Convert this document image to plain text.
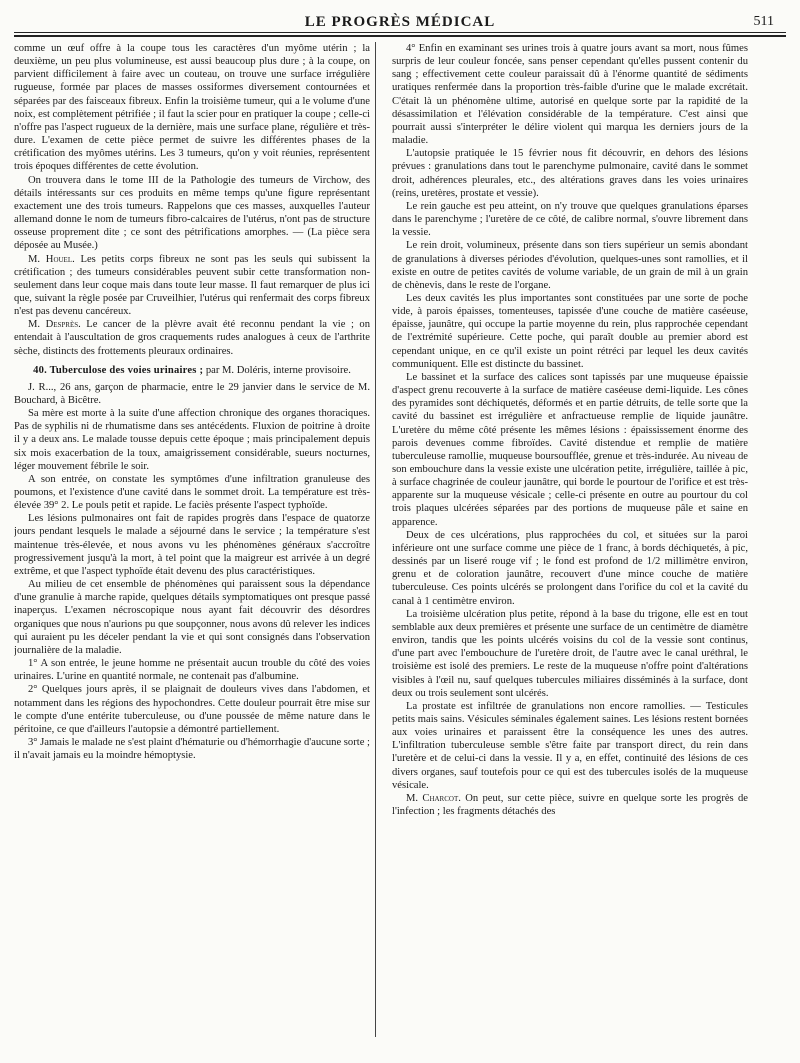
LE PROGRÈS MÉDICAL	511

comme un œuf offre à la coupe tous les caractères d'un myôme utérin ; la deuxième, un peu plus volumineuse, est aussi beaucoup plus dure ; à la coupe, on parvient difficilement à faire avec un couteau, on trouve une surface irrégulière rugueuse, formée par places de masses ossiformes diversement contournées et séparées par des faisceaux fibreux. Enfin la troisième tumeur, qui a le volume d'une noix, est complètement pétrifiée ; il faut la scier pour en pratiquer la coupe ; celle-ci n'offre pas l'aspect rugueux de la dernière, mais une surface plane, régulière et très-dure. L'examen de cette pièce permet de suivre les différentes phases de la crétification des myômes utérins. Les 3 tumeurs, qu'on y voit réunies, représentent trois époques différentes de cette évolution.

On trouvera dans le tome III de la Pathologie des tumeurs de Virchow, des détails intéressants sur ces produits en même temps qu'une figure représentant exactement une des trois tumeurs. Rappelons que ces masses, auxquelles l'auteur allemand donne le nom de tumeurs fibro-calcaires de l'utérus, n'ont pas de structure osseuse proprement dite ; ce sont des pétrifications amorphes. — (La pièce sera déposée au Musée.)

M. Houel. Les petits corps fibreux ne sont pas les seuls qui subissent la crétification ; des tumeurs considérables peuvent subir cette transformation non-seulement dans leur coque mais dans toute leur masse. Il faut remarquer de plus ici que, suivant la règle posée par Cruveilhier, l'utérus qui renfermait des corps fibreux n'est pas devenu cancéreux.

M. Desprès. Le cancer de la plèvre avait été reconnu pendant la vie ; on entendait à l'auscultation de gros craquements rudes analogues à ceux de l'arthrite sèche, distincts des frottements pleuraux ordinaires.

40. Tuberculose des voies urinaires ; par M. Doléris, interne provisoire.

J. R..., 26 ans, garçon de pharmacie, entre le 29 janvier dans le service de M. Bouchard, à Bicêtre.

Sa mère est morte à la suite d'une affection chronique des organes thoraciques. Pas de syphilis ni de rhumatisme dans ses antécédents. Fluxion de poitrine à droite il y a deux ans. Le malade tousse depuis cette époque ; mais principalement depuis six mois exacerbation de la toux, amaigrissement considérable, sueurs nocturnes, léger mouvement fébrile le soir.

A son entrée, on constate les symptômes d'une infiltration granuleuse des poumons, et l'existence d'une cavité dans le sommet droit. La température est très-élevée 39° 2. Le pouls petit et rapide. Le faciès présente l'aspect typhoïde.

Les lésions pulmonaires ont fait de rapides progrès dans l'espace de quatorze jours pendant lesquels le malade a séjourné dans le service ; la température s'est maintenue très-élevée, et nous avons vu les phénomènes généraux s'accroître progressivement jusqu'à la mort, à tel point que la maigreur est arrivée à un degré extrême, et que l'aspect typhoïde était devenu des plus caractéristiques.

Au milieu de cet ensemble de phénomènes qui paraissent sous la dépendance d'une granulie à marche rapide, quelques détails symptomatiques ont presque passé inaperçus. L'examen nécroscopique nous ayant fait découvrir des désordres organiques que nous n'aurions pu que soupçonner, nous avons dû relever les indices qui auraient pu les déceler pendant la vie et qui sont consignés dans l'observation journalière de la maladie.

1° A son entrée, le jeune homme ne présentait aucun trouble du côté des voies urinaires. L'urine en quantité normale, ne contenait pas d'albumine.

2° Quelques jours après, il se plaignait de douleurs vives dans l'abdomen, et notamment dans les régions des hypochondres. Cette douleur pourrait être mise sur le compte d'une entérite tuberculeuse, ou d'une poussée de même nature dans le péritoine, ce que d'ailleurs l'autopsie a démontré partiellement.

3° Jamais le malade ne s'est plaint d'hématurie ou d'hémorrhagie d'aucune sorte ; il n'avait jamais eu la moindre hémoptysie.

4° Enfin en examinant ses urines trois à quatre jours avant sa mort, nous fûmes surpris de leur couleur foncée, sans penser cependant qu'elles pussent contenir du sang ; effectivement cette couleur paraissait dû à l'énorme quantité de sédiments uratiques renfermée dans la proportion très-faible d'urine que le malade excrétait. C'était là un phénomène ultime, autorisé en quelque sorte par la rapidité de la désassimilation et l'élévation considérable de la température. C'est ainsi que pourrait aussi s'interpréter le délire violent qui marqua les derniers jours de la maladie.

L'autopsie pratiquée le 15 février nous fit découvrir, en dehors des lésions prévues : granulations dans tout le parenchyme pulmonaire, cavité dans le sommet droit, adhérences pleurales, etc., des altérations graves dans les voies urinaires (reins, uretères, prostate et vessie).

Le rein gauche est peu atteint, on n'y trouve que quelques granulations éparses dans le parenchyme ; l'uretère de ce côté, de calibre normal, s'ouvre librement dans la vessie.

Le rein droit, volumineux, présente dans son tiers supérieur un semis abondant de granulations à diverses périodes d'évolution, quelques-unes sont ramollies, et il existe en outre de petites cavités de volume variable, de un grain de mil à un grain de chènevis, dans le reste de l'organe.

Les deux cavités les plus importantes sont constituées par une sorte de poche vide, à parois épaisses, tomenteuses, tapissée d'une couche de matière caséeuse, épaisse, jaunâtre, qui occupe la partie moyenne du rein, plus rapprochée cependant de l'extrémité supérieure. Cette poche, qui paraît double au premier abord est cependant unique, en ce qu'il existe un point rétréci par lequel les deux cavités communiquent. Elle est distincte du bassinet.

Le bassinet et la surface des calices sont tapissés par une muqueuse épaissie d'aspect grenu recouverte à la surface de matière caséeuse demi-liquide. Les cônes des pyramides sont déchiquetés, déformés et en partie détruits, de telle sorte que la cavité du bassinet est irrégulière et anfractueuse remplie de liquide jaunâtre. L'uretère du même côté présente les mêmes lésions : épaississement énorme des parois devenues comme fibroïdes. Cavité distendue et remplie de matière tuberculeuse ramollie, muqueuse boursoufflée, grenue et très-indurée. Au niveau de son embouchure dans la vessie existe une ulcération petite, irrégulière, taillée à pic, à surface chagrinée de couleur jaunâtre, qui borde le pourtour de l'orifice et est très-apparente sur la muqueuse vésicale ; celle-ci présente en outre au pourtour du col trois plaques ulcérées séparées par des portions de muqueuse pâle et saine en apparence.

Deux de ces ulcérations, plus rapprochées du col, et situées sur la paroi inférieure ont une surface comme une pièce de 1 franc, à bords déchiquetés, à pic, dessinés par un liseré rouge vif ; le fond est profond de 1/2 millimètre environ, grenu et de coloration jaunâtre, recouvert d'une mince couche de matière tuberculeuse. Ces points ulcérés se prolongent dans l'orifice du col et la cavité du canal à 1 centimètre environ.

La troisième ulcération plus petite, répond à la base du trigone, elle est en tout semblable aux deux premières et présente une surface de un centimètre de diamètre environ, tandis que les points ulcérés voisins du col de la vessie sont continus, d'une part avec l'embouchure de l'uretère droit, de l'autre avec le canal uréthral, le troisième est isolé des premiers. Le reste de la muqueuse n'offre point d'altérations visibles à l'œil nu, sauf quelques tubercules miliaires disséminés à la surface, dont deux ou trois seulement sont ulcérés.

La prostate est infiltrée de granulations non encore ramollies. — Testicules petits mais sains. Vésicules séminales également saines. Les lésions restent bornées aux voies urinaires et paraissent être la conséquence les unes des autres. L'infiltration tuberculeuse semble s'être faite par transport direct, du rein dans l'uretère et de celui-ci dans la vessie. Il y a, en effet, continuité des lésions de ces divers organes, sauf toutefois pour ce qui est des tubercules isolés de la muqueuse vésicale.

M. Charcot. On peut, sur cette pièce, suivre en quelque sorte les progrès de l'infection ; les fragments détachés des
